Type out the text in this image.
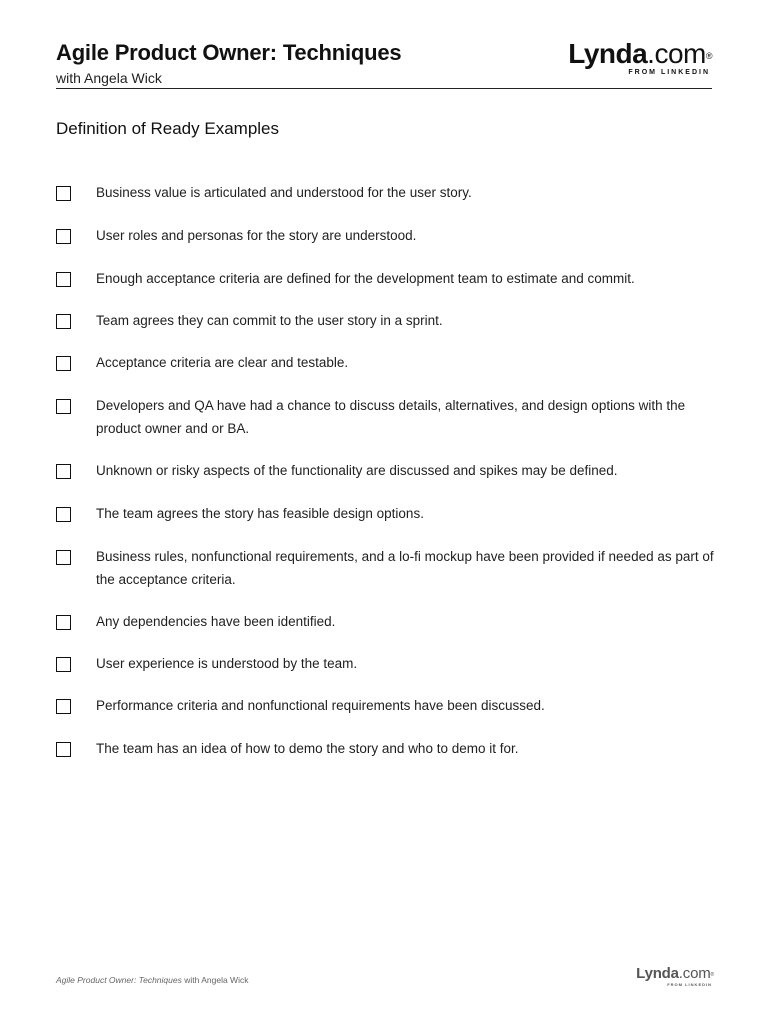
Agile Product Owner: Techniques
with Angela Wick
Lynda.com®
FROM LINKEDIN
Definition of Ready Examples
Business value is articulated and understood for the user story.
User roles and personas for the story are understood.
Enough acceptance criteria are defined for the development team to estimate and commit.
Team agrees they can commit to the user story in a sprint.
Acceptance criteria are clear and testable.
Developers and QA have had a chance to discuss details, alternatives, and design options with the product owner and or BA.
Unknown or risky aspects of the functionality are discussed and spikes may be defined.
The team agrees the story has feasible design options.
Business rules, nonfunctional requirements, and a lo-fi mockup have been provided if needed as part of the acceptance criteria.
Any dependencies have been identified.
User experience is understood by the team.
Performance criteria and nonfunctional requirements have been discussed.
The team has an idea of how to demo the story and who to demo it for.
Agile Product Owner: Techniques with Angela Wick	Lynda.com®
FROM LINKEDIN
